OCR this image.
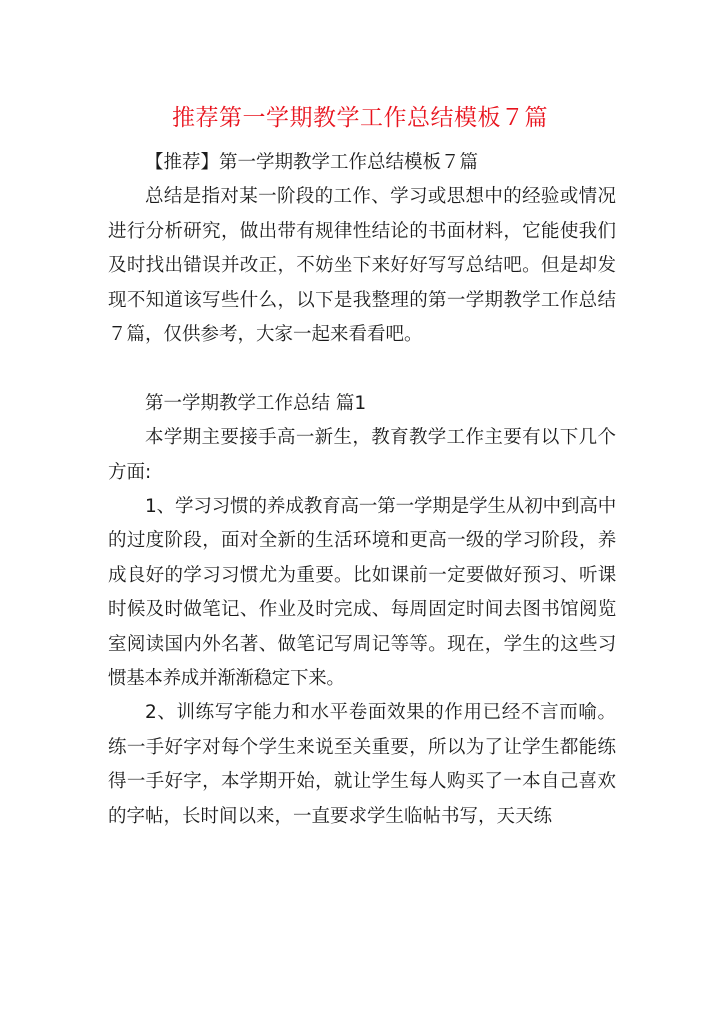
推荐第一学期教学工作总结模板７篇

【推荐】第一学期教学工作总结模板７篇

总结是指对某一阶段的工作、学习或思想中的经验或情况进行分析研究，做出带有规律性结论的书面材料，它能使我们及时找出错误并改正，不妨坐下来好好写写总结吧。但是却发现不知道该写些什么，以下是我整理的第一学期教学工作总结７篇，仅供参考，大家一起来看看吧。

第一学期教学工作总结 篇1

本学期主要接手高一新生，教育教学工作主要有以下几个方面:

1、学习习惯的养成教育高一第一学期是学生从初中到高中的过度阶段，面对全新的生活环境和更高一级的学习阶段，养成良好的学习习惯尤为重要。比如课前一定要做好预习、听课时候及时做笔记、作业及时完成、每周固定时间去图书馆阅览室阅读国内外名著、做笔记写周记等等。现在，学生的这些习惯基本养成并渐渐稳定下来。

2、训练写字能力和水平卷面效果的作用已经不言而喻。练一手好字对每个学生来说至关重要，所以为了让学生都能练得一手好字，本学期开始，就让学生每人购买了一本自己喜欢的字帖，长时间以来，一直要求学生临帖书写，天天练
